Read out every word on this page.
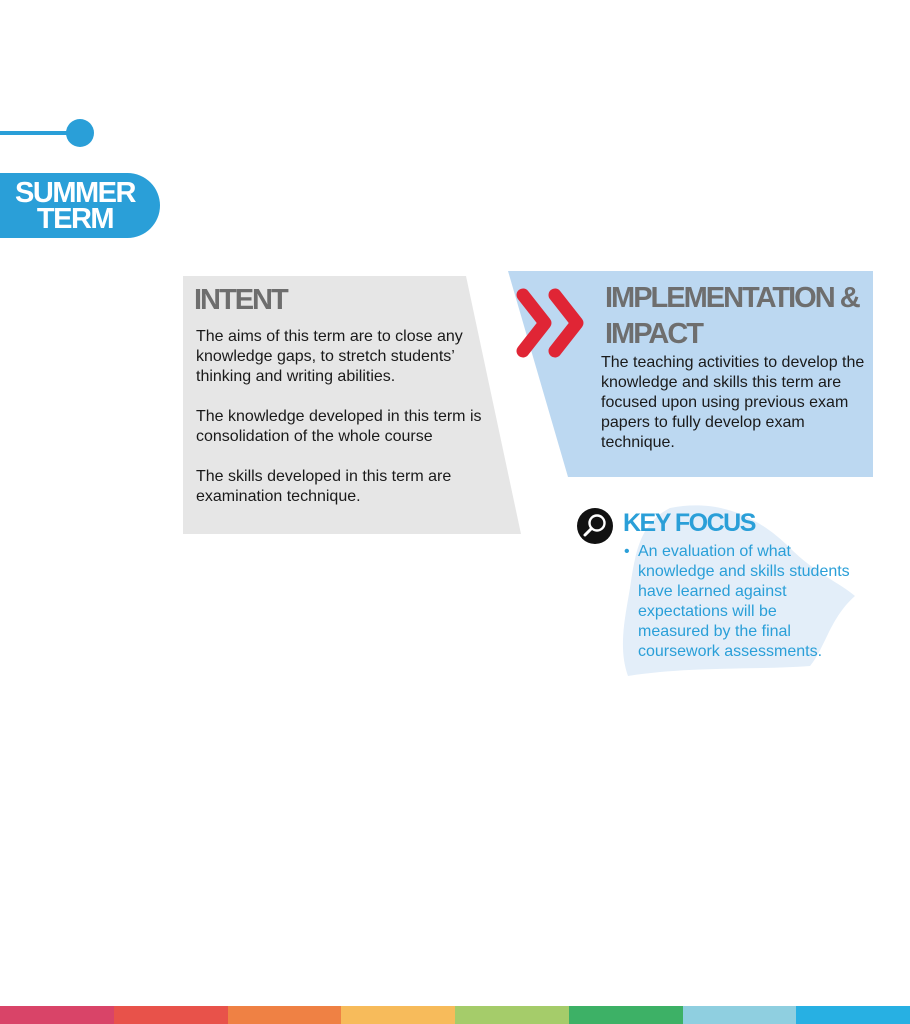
SUMMER
TERM
INTENT
The aims of this term are to close any knowledge gaps, to stretch students’ thinking and writing abilities.
The knowledge developed in this term is consolidation of the whole course
The skills developed in this term are examination technique.
IMPLEMENTATION & IMPACT
The teaching activities to develop the knowledge and skills this term are focused upon using previous exam papers to fully develop exam technique.
KEY FOCUS
• An evaluation of what knowledge and skills students have learned against expectations will be measured by the final coursework assessments.
